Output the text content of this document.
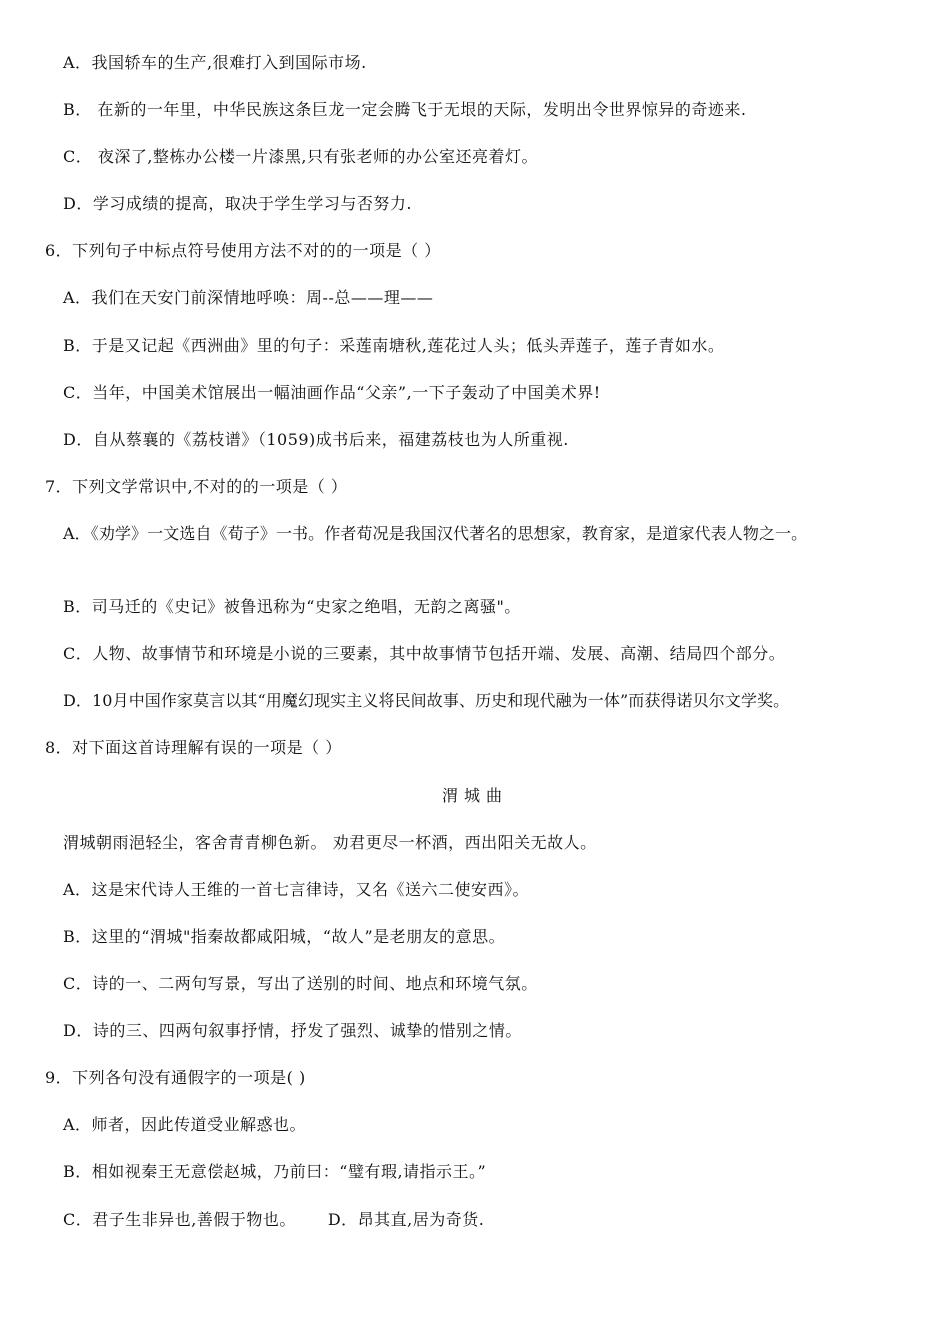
A．我国轿车的生产,很难打入到国际市场.
B． 在新的一年里，中华民族这条巨龙一定会腾飞于无垠的天际，发明出令世界惊异的奇迹来.
C． 夜深了,整栋办公楼一片漆黑,只有张老师的办公室还亮着灯。
D．学习成绩的提高，取决于学生学习与否努力.
6．下列句子中标点符号使用方法不对的的一项是（ ）
A．我们在天安门前深情地呼唤：周--总——理——
B．于是又记起《西洲曲》里的句子：采莲南塘秋,莲花过人头；低头弄莲子，莲子青如水。
C．当年，中国美术馆展出一幅油画作品“父亲”,一下子轰动了中国美术界!
D．自从蔡襄的《荔枝谱》（1059)成书后来，福建荔枝也为人所重视.
7．下列文学常识中,不对的的一项是（ ）
A．《劝学》一文选自《荀子》一书。作者荀况是我国汉代著名的思想家，教育家，是道家代表人物之一。
B．司马迁的《史记》被鲁迅称为“史家之绝唱，无韵之离骚"。
C．人物、故事情节和环境是小说的三要素，其中故事情节包括开端、发展、高潮、结局四个部分。
D．10月中国作家莫言以其“用魔幻现实主义将民间故事、历史和现代融为一体”而获得诺贝尔文学奖。
8．对下面这首诗理解有误的一项是（ ）
渭城曲
渭城朝雨浥轻尘，客舍青青柳色新。 劝君更尽一杯酒，西出阳关无故人。
A．这是宋代诗人王维的一首七言律诗，又名《送六二使安西》。
B．这里的“渭城"指秦故都咸阳城，“故人”是老朋友的意思。
C．诗的一、二两句写景，写出了送别的时间、地点和环境气氛。
D．诗的三、四两句叙事抒情，抒发了强烈、诚挚的惜别之情。
9．下列各句没有通假字的一项是( )
A．师者，因此传道受业解惑也。
B．相如视秦王无意偿赵城，乃前曰：“璧有瑕,请指示王。”
C．君子生非异也,善假于物也。 D．昂其直,居为奇货.
